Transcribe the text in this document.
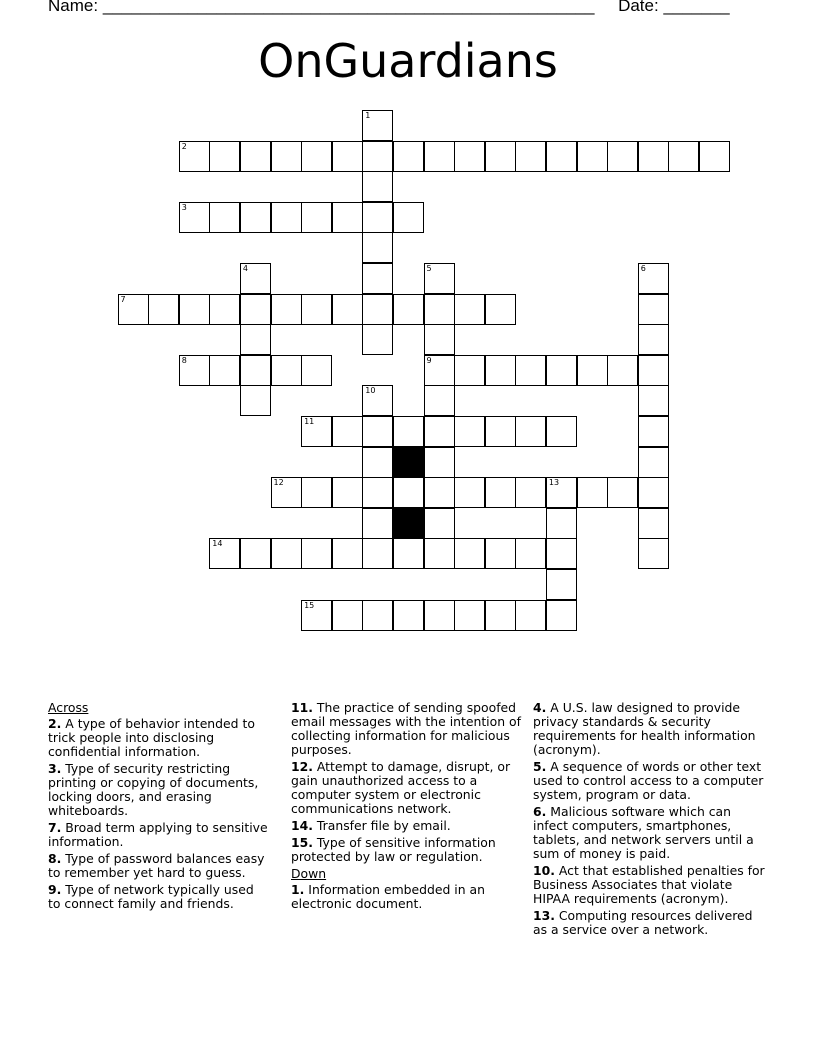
Name: ____________________________________________________ Date: _______
OnGuardians
1
2
3
4	5	6
7
8	9
10
11
12	13
14
15
Across
2. A type of behavior intended to trick people into disclosing confidential information.
3. Type of security restricting printing or copying of documents, locking doors, and erasing whiteboards.
7. Broad term applying to sensitive information.
8. Type of password balances easy to remember yet hard to guess.
9. Type of network typically used to connect family and friends.
11. The practice of sending spoofed email messages with the intention of collecting information for malicious purposes.
12. Attempt to damage, disrupt, or gain unauthorized access to a computer system or electronic communications network.
14. Transfer file by email.
15. Type of sensitive information protected by law or regulation.
Down
1. Information embedded in an electronic document.
4. A U.S. law designed to provide privacy standards & security requirements for health information (acronym).
5. A sequence of words or other text used to control access to a computer system, program or data.
6. Malicious software which can infect computers, smartphones, tablets, and network servers until a sum of money is paid.
10. Act that established penalties for Business Associates that violate HIPAA requirements (acronym).
13. Computing resources delivered as a service over a network.
